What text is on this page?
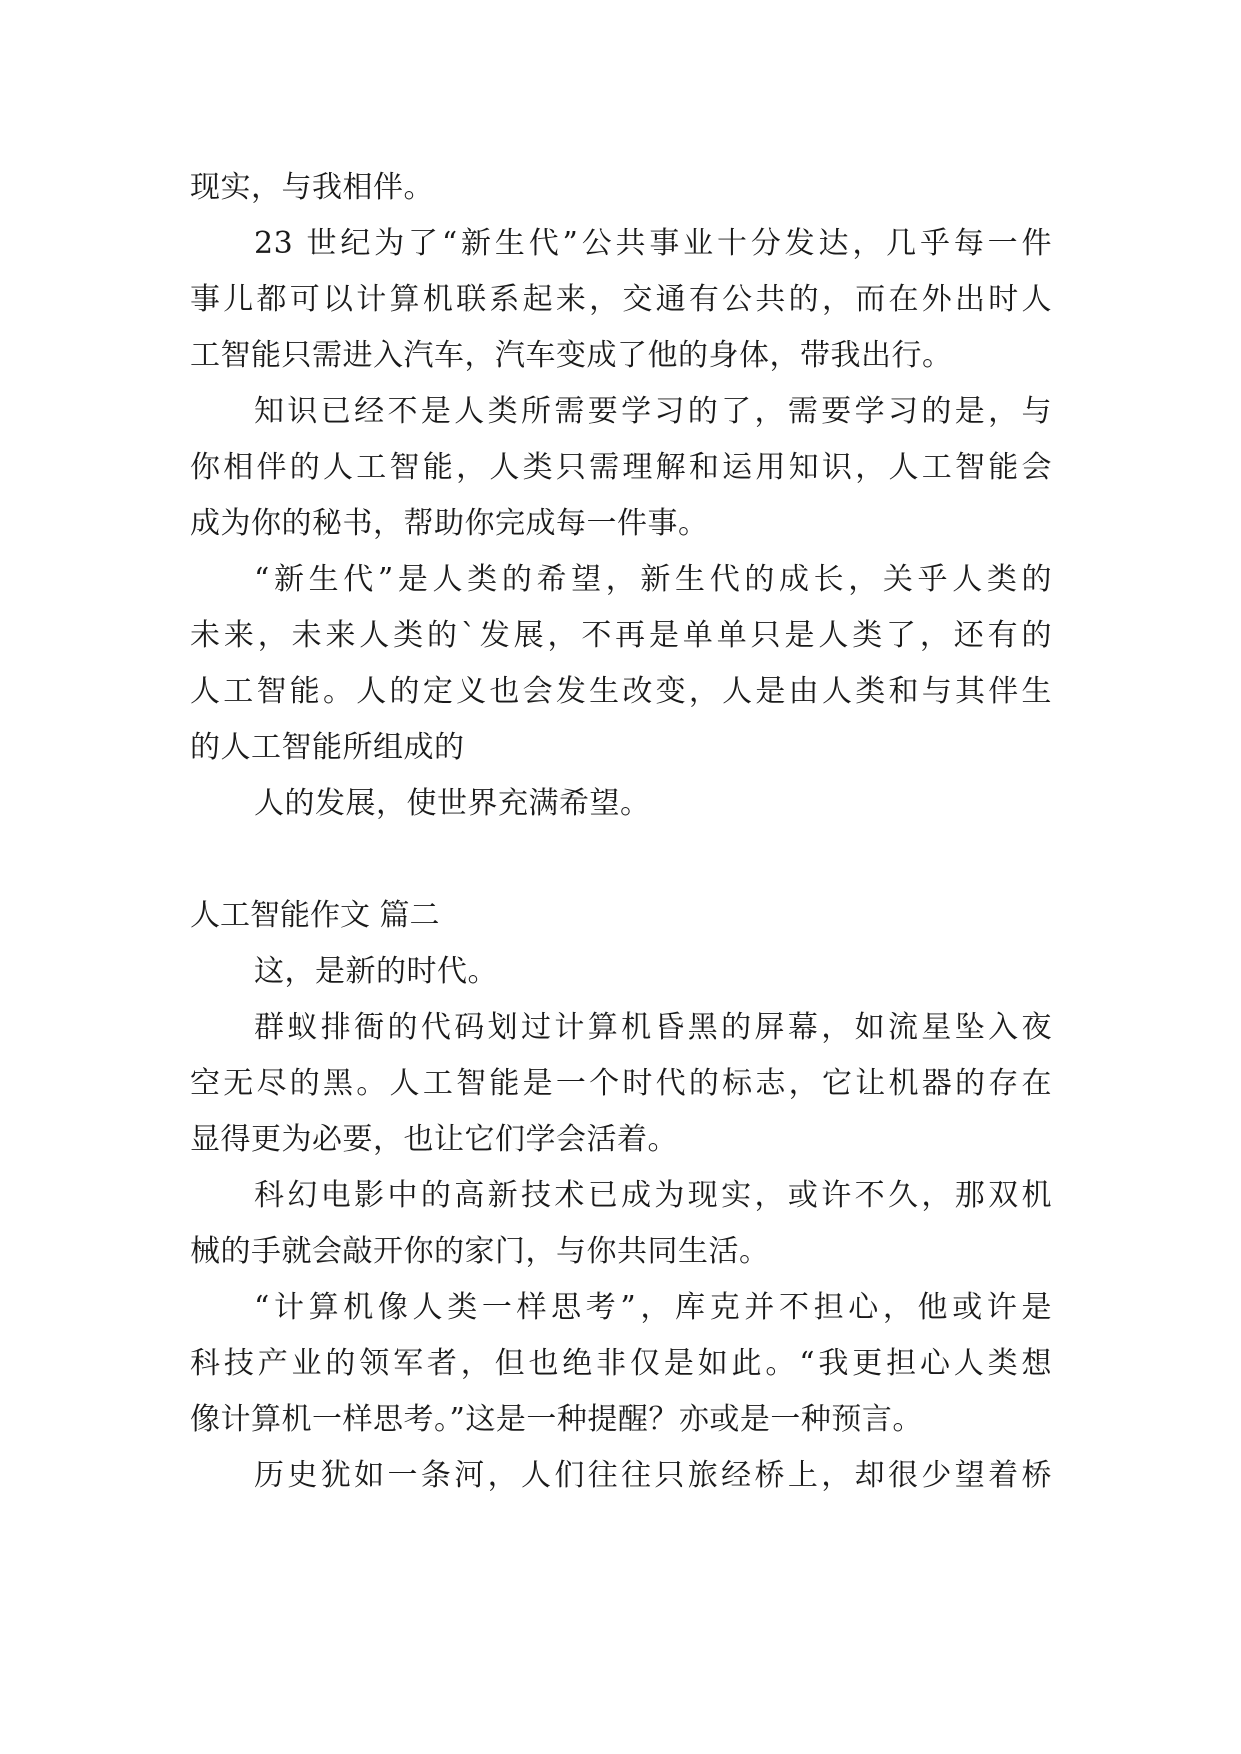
现实，与我相伴。
23 世纪为了“新生代”公共事业十分发达，几乎每一件
事儿都可以计算机联系起来，交通有公共的，而在外出时人
工智能只需进入汽车，汽车变成了他的身体，带我出行。
知识已经不是人类所需要学习的了，需要学习的是，与
你相伴的人工智能，人类只需理解和运用知识，人工智能会
成为你的秘书，帮助你完成每一件事。
“新生代”是人类的希望，新生代的成长，关乎人类的
未来，未来人类的`发展，不再是单单只是人类了，还有的
人工智能。人的定义也会发生改变，人是由人类和与其伴生
的人工智能所组成的
人的发展，使世界充满希望。
人工智能作文 篇二
这，是新的时代。
群蚁排衙的代码划过计算机昏黑的屏幕，如流星坠入夜
空无尽的黑。人工智能是一个时代的标志，它让机器的存在
显得更为必要，也让它们学会活着。
科幻电影中的高新技术已成为现实，或许不久，那双机
械的手就会敲开你的家门，与你共同生活。
“计算机像人类一样思考”，库克并不担心，他或许是
科技产业的领军者，但也绝非仅是如此。“我更担心人类想
像计算机一样思考。”这是一种提醒？亦或是一种预言。
历史犹如一条河，人们往往只旅经桥上，却很少望着桥
